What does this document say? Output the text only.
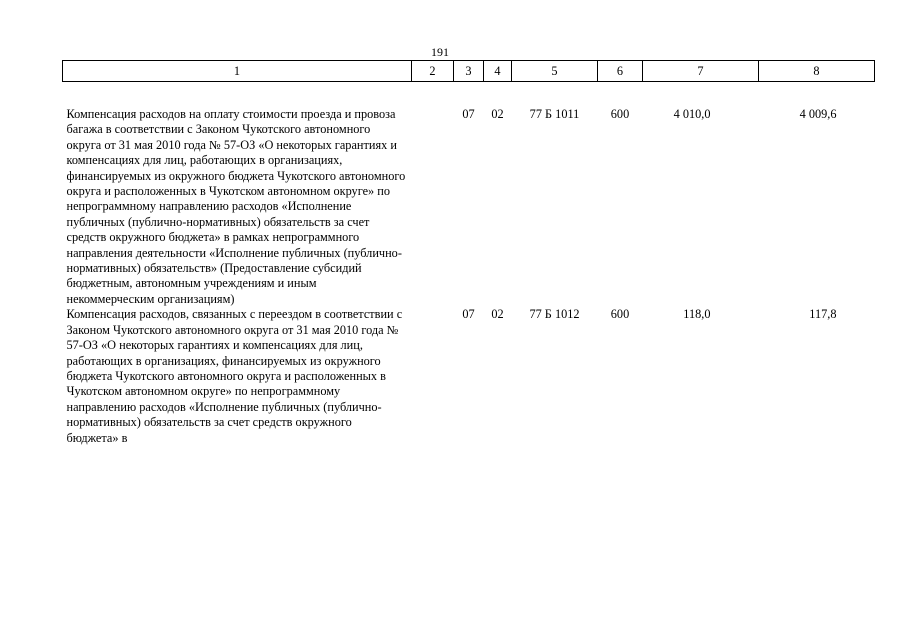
191
1	2	3	4	5	6	7	8
Компенсация расходов на оплату стоимости проезда и провоза багажа в соответствии с Законом Чукотского автономного округа от 31 мая 2010 года № 57-ОЗ «О некоторых гарантиях и компенсациях для лиц, работающих в организациях, финансируемых из окружного бюджета Чукотского автономного округа и расположенных в Чукотском автономном округе» по непрограммному направлению расходов «Исполнение публичных (публично-нормативных) обязательств за счет средств окружного бюджета» в рамках непрограммного направления деятельности «Исполнение публичных (публично-нормативных) обязательств» (Предоставление субсидий бюджетным, автономным учреждениям и иным некоммерческим организациям)		07	02	77 Б 1011	600	4 010,0	4 009,6
Компенсация расходов, связанных с переездом в соответствии с Законом Чукотского автономного округа от 31 мая 2010 года № 57-ОЗ «О некоторых гарантиях и компенсациях для лиц, работающих в организациях, финансируемых из окружного бюджета Чукотского автономного округа и расположенных в Чукотском автономном округе» по непрограммному направлению расходов «Исполнение публичных (публично-нормативных) обязательств за счет средств окружного бюджета» в		07	02	77 Б 1012	600	118,0	117,8
